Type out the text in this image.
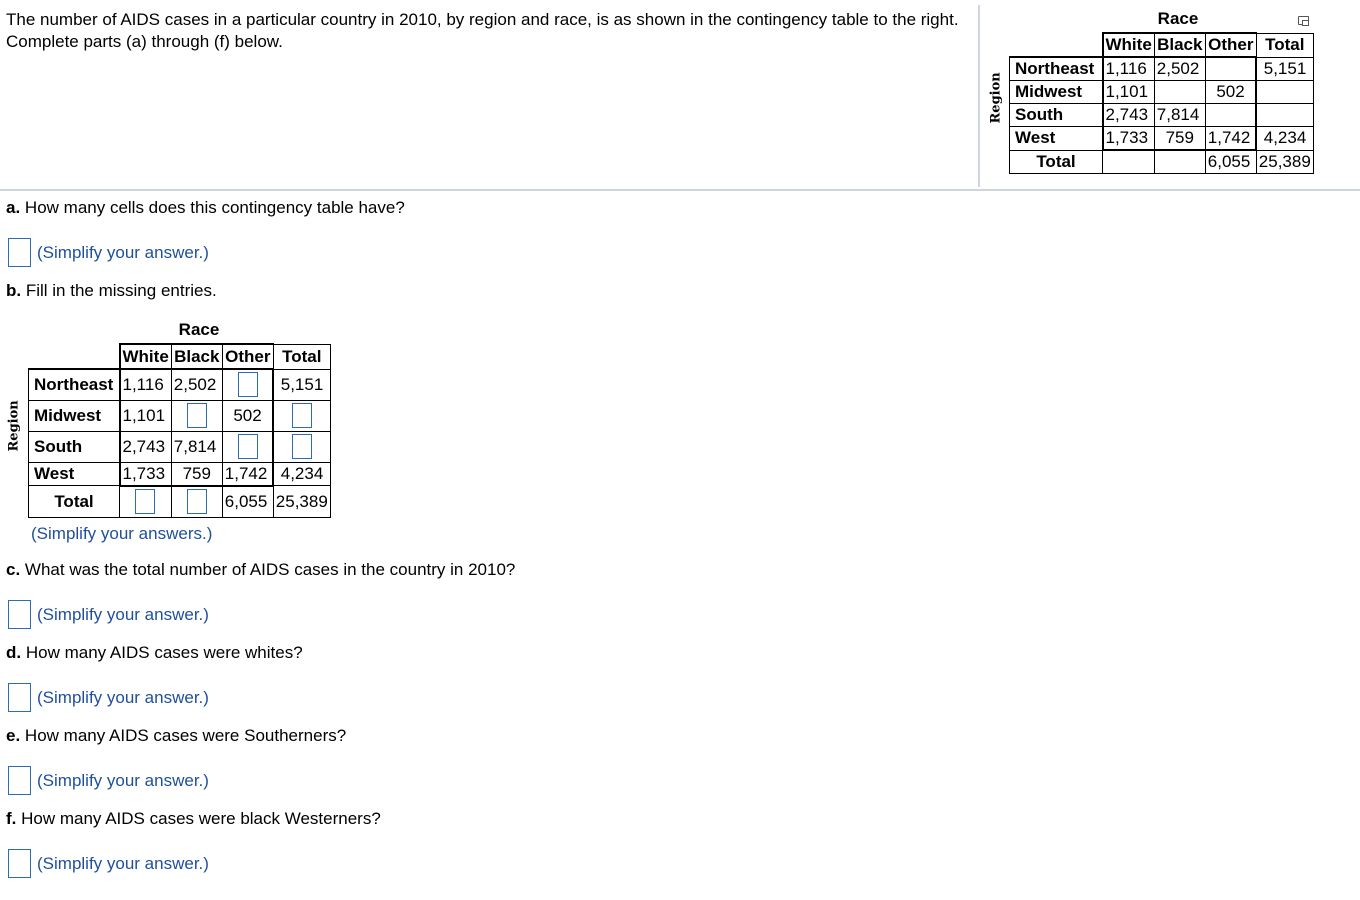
The number of AIDS cases in a particular country in 2010, by region and race, is as shown in the contingency table to the right. Complete parts (a) through (f) below.
Race
Region
	White	Black	Other	Total
Northeast	1,116	2,502		5,151
Midwest	1,101		502	
South	2,743	7,814		
West	1,733	759	1,742	4,234
Total			6,055	25,389
a. How many cells does this contingency table have?
(Simplify your answer.)
b. Fill in the missing entries.
Race
Region
	White	Black	Other	Total
Northeast	1,116	2,502		5,151
Midwest	1,101		502	
South	2,743	7,814		
West	1,733	759	1,742	4,234
Total			6,055	25,389
(Simplify your answers.)
c. What was the total number of AIDS cases in the country in 2010?
(Simplify your answer.)
d. How many AIDS cases were whites?
(Simplify your answer.)
e. How many AIDS cases were Southerners?
(Simplify your answer.)
f. How many AIDS cases were black Westerners?
(Simplify your answer.)
